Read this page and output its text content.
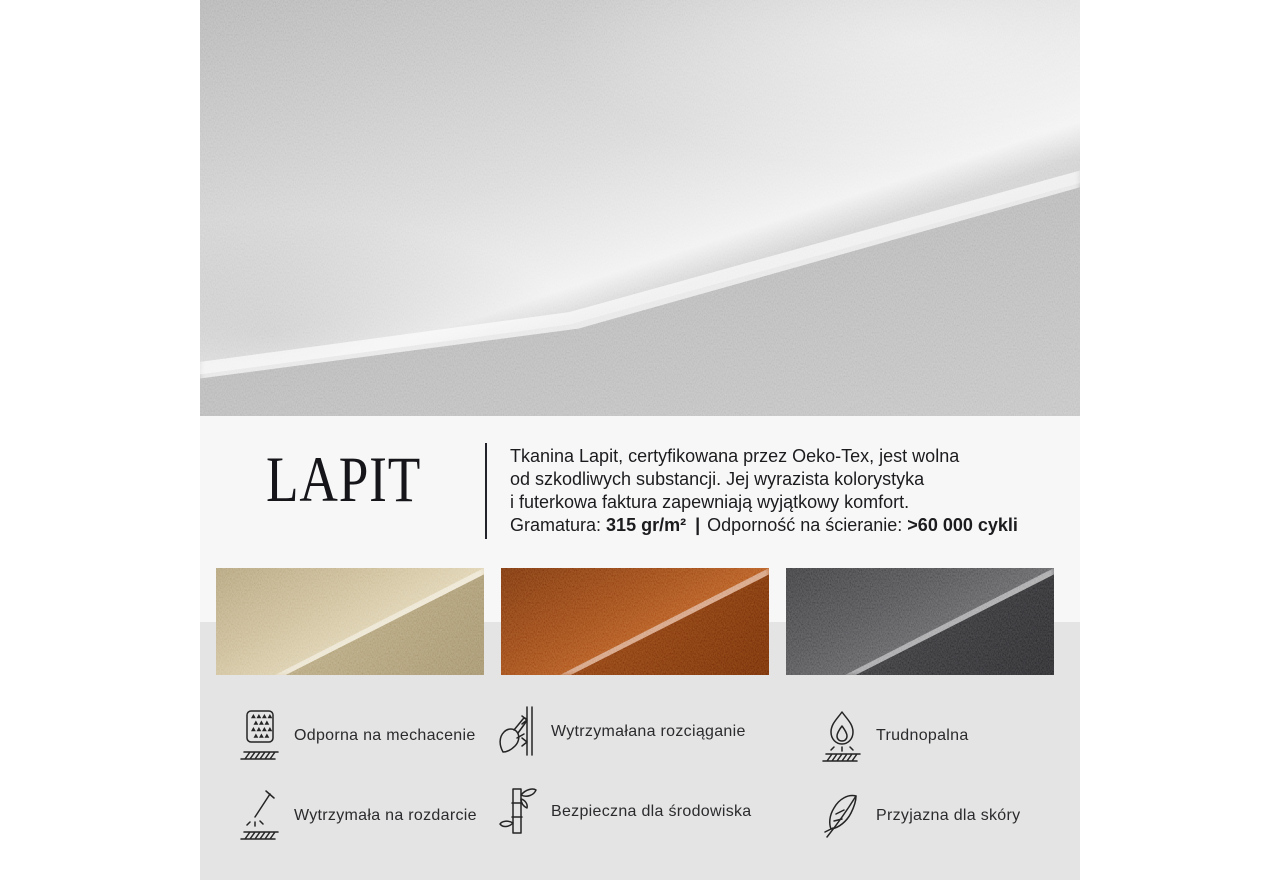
LAPIT	Tkanina Lapit, certyfikowana przez Oeko-Tex, jest wolna
od szkodliwych substancji. Jej wyrazista kolorystyka
i futerkowa faktura zapewniają wyjątkowy komfort.
Gramatura: 315 gr/m² | Odporność na ścieranie: >60 000 cykli
Odporna na mechacenie	Wytrzymałana rozciąganie	Trudnopalna
Wytrzymała na rozdarcie	Bezpieczna dla środowiska	Przyjazna dla skóry
